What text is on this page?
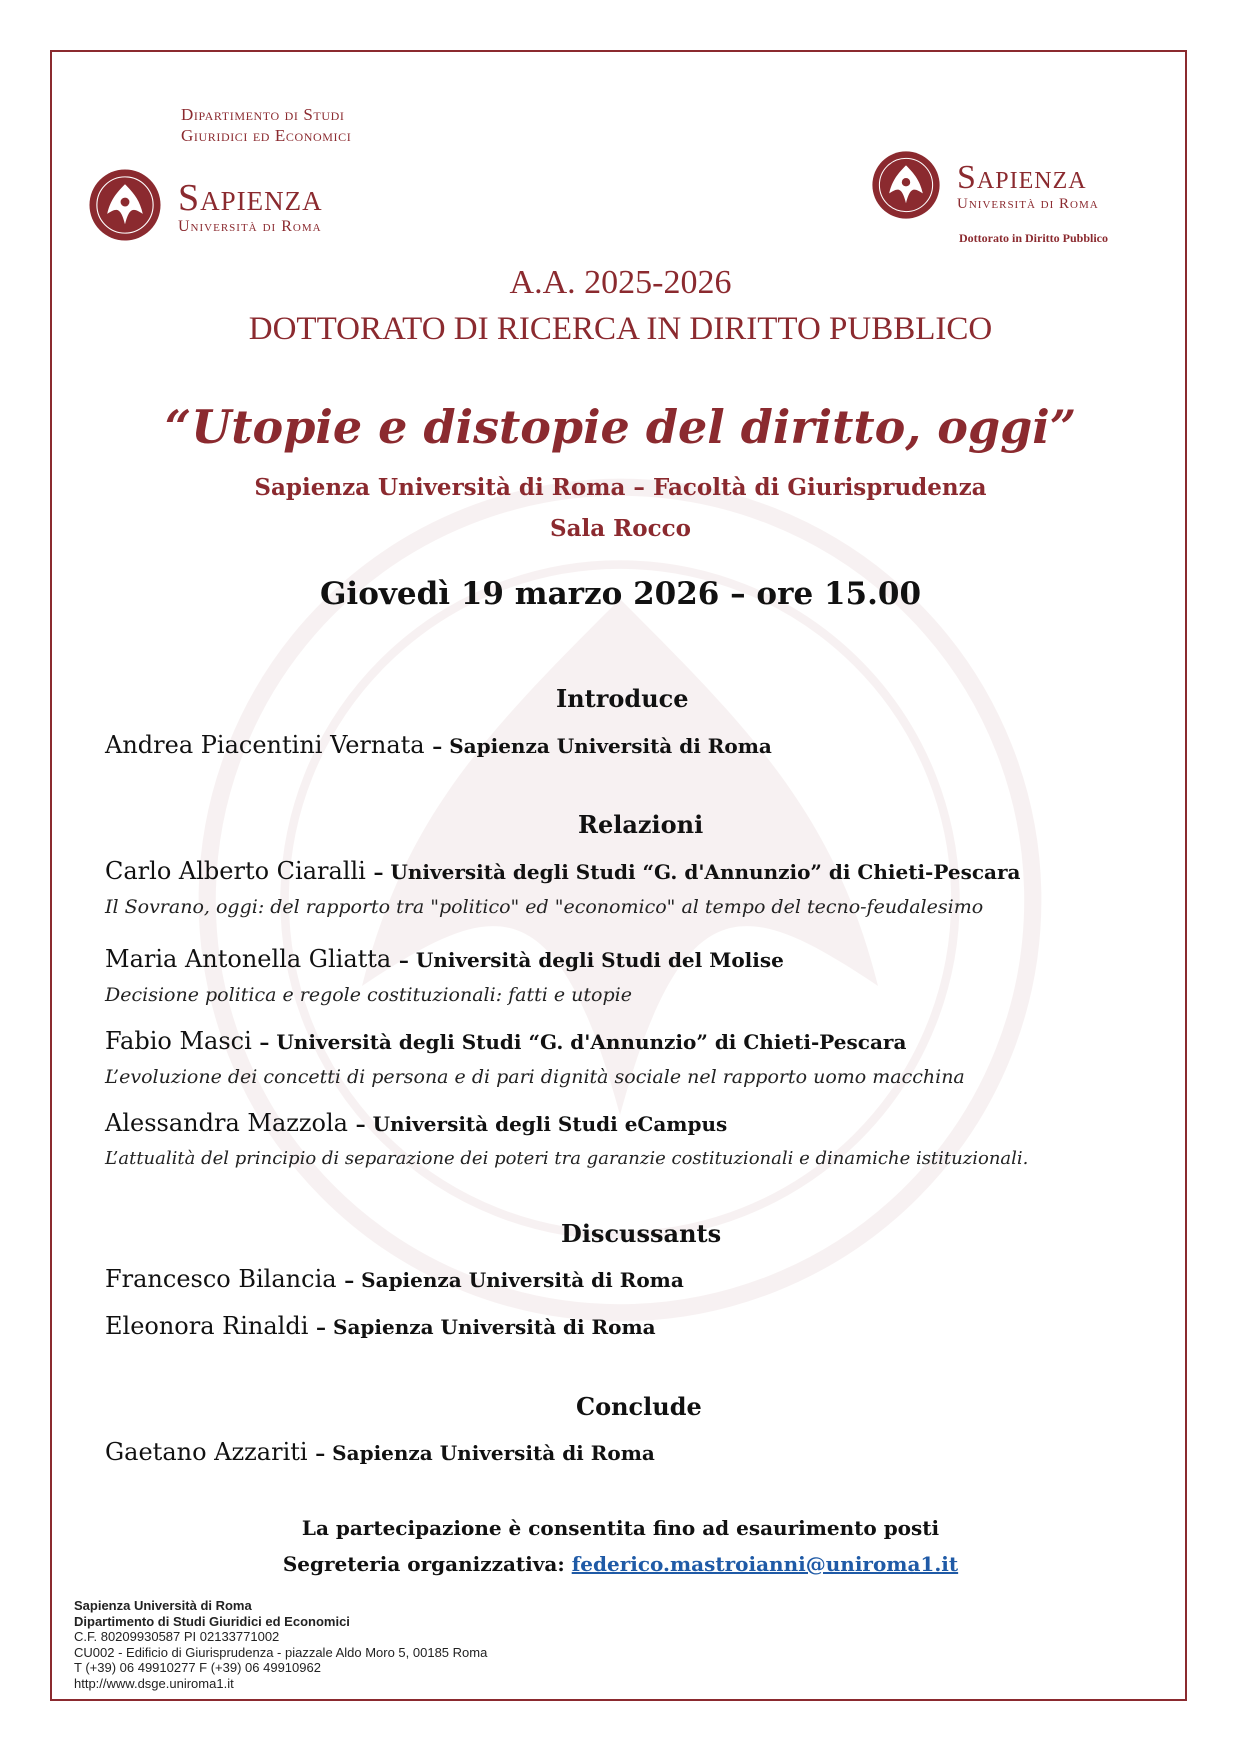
Dipartimento di Studi
Giuridici ed Economici
Sapienza
Università di Roma
Sapienza
Università di Roma
Dottorato in Diritto Pubblico
A.A. 2025-2026
DOTTORATO DI RICERCA IN DIRITTO PUBBLICO
“Utopie e distopie del diritto, oggi”
Sapienza Università di Roma – Facoltà di Giurisprudenza
Sala Rocco
Giovedì 19 marzo 2026 – ore 15.00
Introduce
Andrea Piacentini Vernata – Sapienza Università di Roma
Relazioni
Carlo Alberto Ciaralli – Università degli Studi “G. d'Annunzio” di Chieti-Pescara
Il Sovrano, oggi: del rapporto tra "politico" ed "economico" al tempo del tecno-feudalesimo
Maria Antonella Gliatta – Università degli Studi del Molise
Decisione politica e regole costituzionali: fatti e utopie
Fabio Masci – Università degli Studi “G. d'Annunzio” di Chieti-Pescara
L’evoluzione dei concetti di persona e di pari dignità sociale nel rapporto uomo macchina
Alessandra Mazzola – Università degli Studi eCampus
L’attualità del principio di separazione dei poteri tra garanzie costituzionali e dinamiche istituzionali.
Discussants
Francesco Bilancia – Sapienza Università di Roma
Eleonora Rinaldi – Sapienza Università di Roma
Conclude
Gaetano Azzariti – Sapienza Università di Roma
La partecipazione è consentita fino ad esaurimento posti
Segreteria organizzativa: federico.mastroianni@uniroma1.it
Sapienza Università di Roma
Dipartimento di Studi Giuridici ed Economici
C.F. 80209930587 PI 02133771002
CU002 - Edificio di Giurisprudenza - piazzale Aldo Moro 5, 00185 Roma
T (+39) 06 49910277 F (+39) 06 49910962
http://www.dsge.uniroma1.it
